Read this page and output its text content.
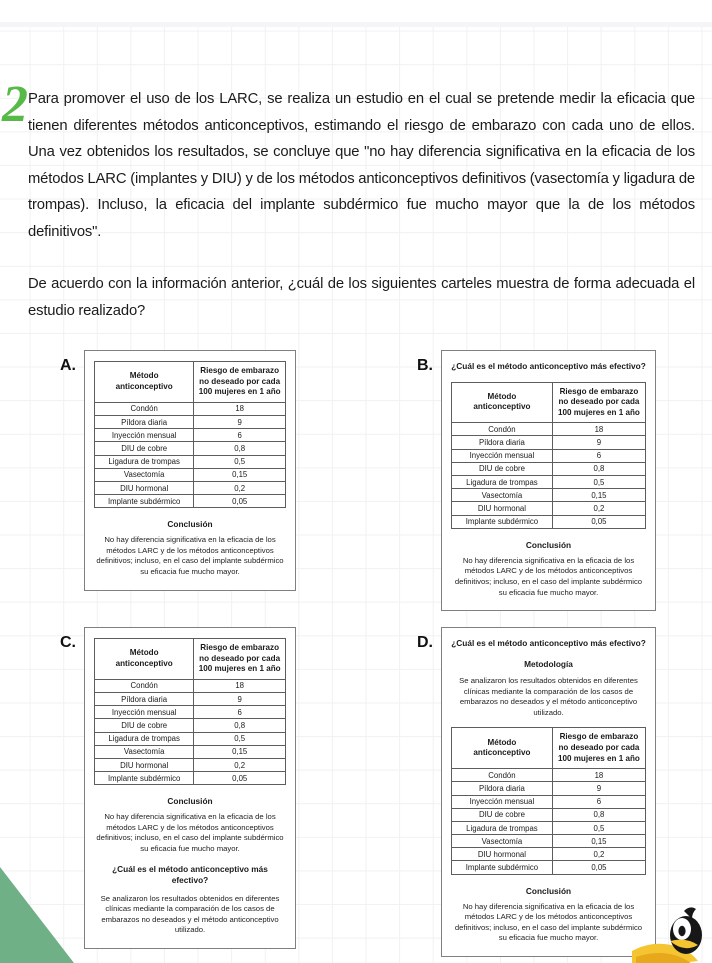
2 Para promover el uso de los LARC, se realiza un estudio en el cual se pretende medir la eficacia que tienen diferentes métodos anticonceptivos, estimando el riesgo de embarazo con cada uno de ellos. Una vez obtenidos los resultados, se concluye que "no hay diferencia significativa en la eficacia de los métodos LARC (implantes y DIU) y de los métodos anticonceptivos definitivos (vasectomía y ligadura de trompas). Incluso, la eficacia del implante subdérmico fue mucho mayor que la de los métodos definitivos".

De acuerdo con la información anterior, ¿cuál de los siguientes carteles muestra de forma adecuada el estudio realizado?

A.
Método
anticonceptivo	Riesgo de embarazo
no deseado por cada
100 mujeres en 1 año
Condón	18
Píldora diaria	9
Inyección mensual	6
DIU de cobre	0,8
Ligadura de trompas	0,5
Vasectomía	0,15
DIU hormonal	0,2
Implante subdérmico	0,05
Conclusión
No hay diferencia significativa en la eficacia de los métodos LARC y de los métodos anticonceptivos definitivos; incluso, en el caso del implante subdérmico su eficacia fue mucho mayor.
B.	¿Cuál es el método anticonceptivo más efectivo?
Método
anticonceptivo	Riesgo de embarazo
no deseado por cada
100 mujeres en 1 año
Condón	18
Píldora diaria	9
Inyección mensual	6
DIU de cobre	0,8
Ligadura de trompas	0,5
Vasectomía	0,15
DIU hormonal	0,2
Implante subdérmico	0,05
Conclusión
No hay diferencia significativa en la eficacia de los métodos LARC y de los métodos anticonceptivos definitivos; incluso, en el caso del implante subdérmico su eficacia fue mucho mayor.
C.
Método
anticonceptivo	Riesgo de embarazo
no deseado por cada
100 mujeres en 1 año
Condón	18
Píldora diaria	9
Inyección mensual	6
DIU de cobre	0,8
Ligadura de trompas	0,5
Vasectomía	0,15
DIU hormonal	0,2
Implante subdérmico	0,05
Conclusión
No hay diferencia significativa en la eficacia de los métodos LARC y de los métodos anticonceptivos definitivos; incluso, en el caso del implante subdérmico su eficacia fue mucho mayor.
¿Cuál es el método anticonceptivo más efectivo?
Se analizaron los resultados obtenidos en diferentes clínicas mediante la comparación de los casos de embarazos no deseados y el método anticonceptivo utilizado.
D.	¿Cuál es el método anticonceptivo más efectivo?
Metodología
Se analizaron los resultados obtenidos en diferentes clínicas mediante la comparación de los casos de embarazos no deseados y el método anticonceptivo utilizado.
Método
anticonceptivo	Riesgo de embarazo
no deseado por cada
100 mujeres en 1 año
Condón	18
Píldora diaria	9
Inyección mensual	6
DIU de cobre	0,8
Ligadura de trompas	0,5
Vasectomía	0,15
DIU hormonal	0,2
Implante subdérmico	0,05
Conclusión
No hay diferencia significativa en la eficacia de los métodos LARC y de los métodos anticonceptivos definitivos; incluso, en el caso del implante subdérmico su eficacia fue mucho mayor.
